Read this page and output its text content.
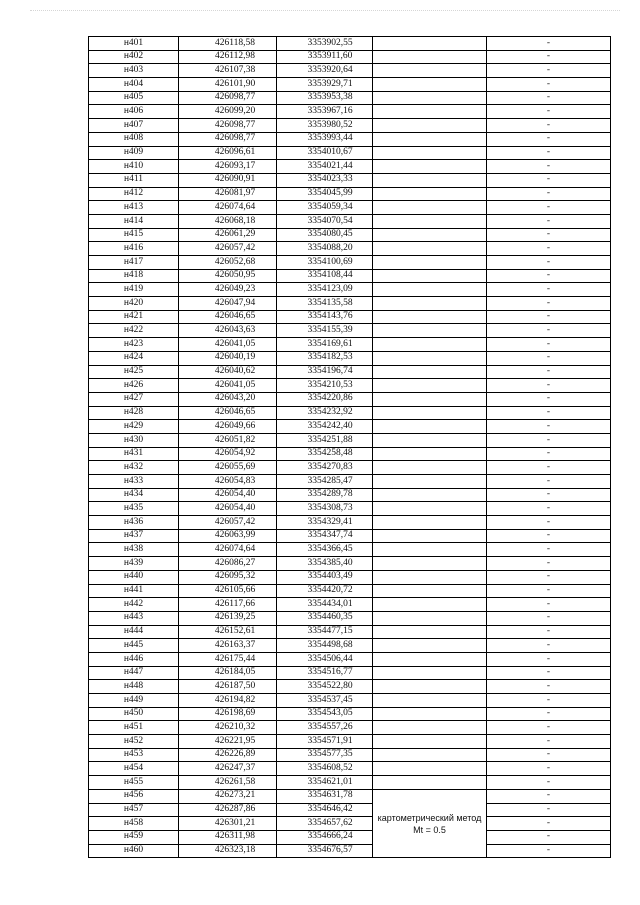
н401	426118,58	3353902,55		-
н402	426112,98	3353911,60		-
н403	426107,38	3353920,64		-
н404	426101,90	3353929,71		-
н405	426098,77	3353953,38		-
н406	426099,20	3353967,16		-
н407	426098,77	3353980,52		-
н408	426098,77	3353993,44		-
н409	426096,61	3354010,67		-
н410	426093,17	3354021,44		-
н411	426090,91	3354023,33		-
н412	426081,97	3354045,99		-
н413	426074,64	3354059,34		-
н414	426068,18	3354070,54		-
н415	426061,29	3354080,45		-
н416	426057,42	3354088,20		-
н417	426052,68	3354100,69		-
н418	426050,95	3354108,44		-
н419	426049,23	3354123,09		-
н420	426047,94	3354135,58		-
н421	426046,65	3354143,76		-
н422	426043,63	3354155,39		-
н423	426041,05	3354169,61		-
н424	426040,19	3354182,53		-
н425	426040,62	3354196,74		-
н426	426041,05	3354210,53		-
н427	426043,20	3354220,86		-
н428	426046,65	3354232,92		-
н429	426049,66	3354242,40		-
н430	426051,82	3354251,88		-
н431	426054,92	3354258,48		-
н432	426055,69	3354270,83		-
н433	426054,83	3354285,47		-
н434	426054,40	3354289,78		-
н435	426054,40	3354308,73		-
н436	426057,42	3354329,41		-
н437	426063,99	3354347,74		-
н438	426074,64	3354366,45		-
н439	426086,27	3354385,40		-
н440	426095,32	3354403,49		-
н441	426105,66	3354420,72		-
н442	426117,66	3354434,01		-
н443	426139,25	3354460,35		-
н444	426152,61	3354477,15		-
н445	426163,37	3354498,68		-
н446	426175,44	3354506,44		-
н447	426184,05	3354516,77		-
н448	426187,50	3354522,80		-
н449	426194,82	3354537,45		-
н450	426198,69	3354543,05		-
н451	426210,32	3354557,26		-
н452	426221,95	3354571,91		-
н453	426226,89	3354577,35		-
н454	426247,37	3354608,52		-
н455	426261,58	3354621,01		-
н456	426273,21	3354631,78	картометрический метод Mt = 0.5	-
н457	426287,86	3354646,42		-
н458	426301,21	3354657,62		-
н459	426311,98	3354666,24		-
н460	426323,18	3354676,57		-
